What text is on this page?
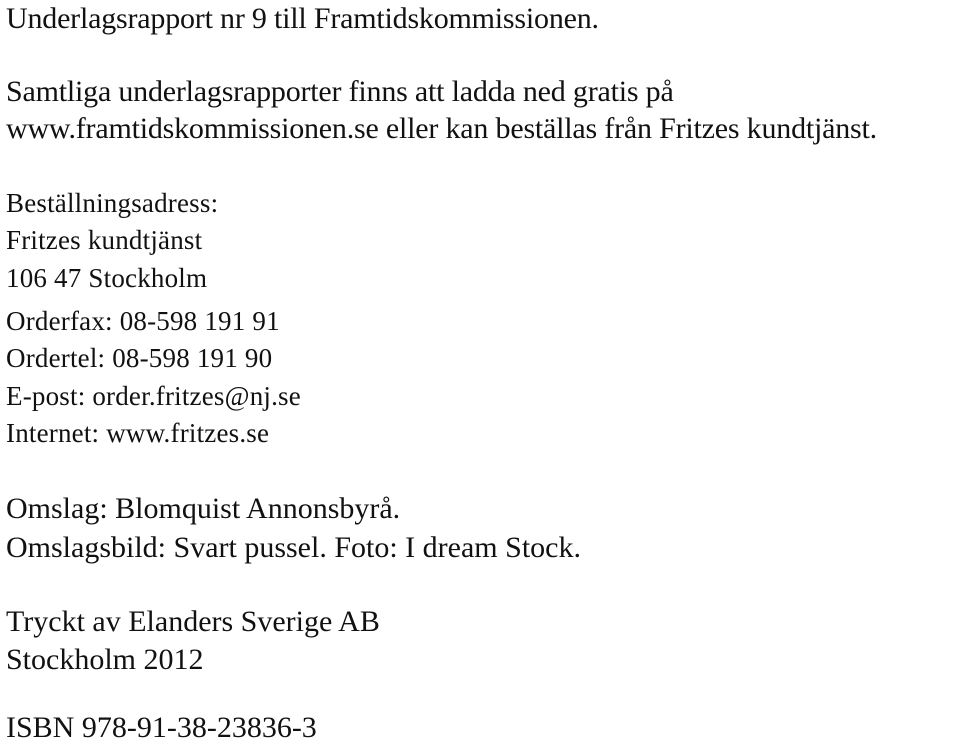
Underlagsrapport nr 9 till Framtidskommissionen.
Samtliga underlagsrapporter finns att ladda ned gratis på
www.framtidskommissionen.se eller kan beställas från Fritzes kundtjänst.
Beställningsadress:
Fritzes kundtjänst
106 47 Stockholm
Orderfax: 08-598 191 91
Ordertel: 08-598 191 90
E-post: order.fritzes@nj.se
Internet: www.fritzes.se
Omslag: Blomquist Annonsbyrå.
Omslagsbild: Svart pussel. Foto: I dream Stock.
Tryckt av Elanders Sverige AB
Stockholm 2012
ISBN 978-91-38-23836-3
